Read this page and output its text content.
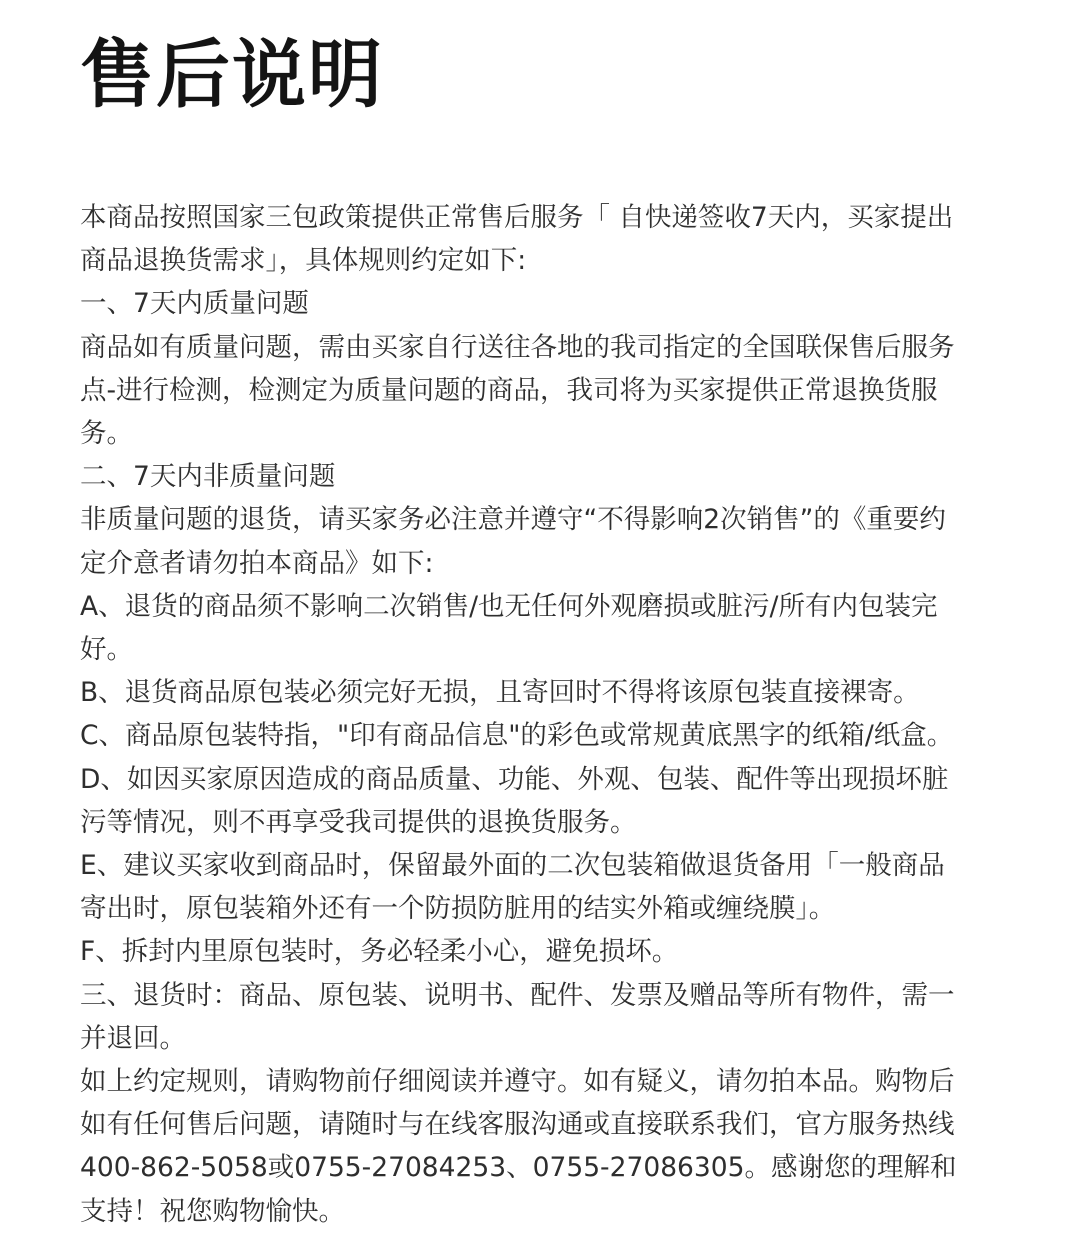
售后说明

本商品按照国家三包政策提供正常售后服务「 自快递签收7天内，买家提出商品退换货需求」，具体规则约定如下:

一、7天内质量问题

商品如有质量问题，需由买家自行送往各地的我司指定的全国联保售后服务点-进行检测，检测定为质量问题的商品，我司将为买家提供正常退换货服务。

二、7天内非质量问题

非质量问题的退货，请买家务必注意并遵守“不得影响2次销售”的《重要约定介意者请勿拍本商品》如下:

A、退货的商品须不影响二次销售/也无任何外观磨损或脏污/所有内包装完好。

B、退货商品原包装必须完好无损，且寄回时不得将该原包装直接裸寄。

C、商品原包装特指，"印有商品信息"的彩色或常规黄底黑字的纸箱/纸盒。

D、如因买家原因造成的商品质量、功能、外观、包装、配件等出现损坏脏污等情况，则不再享受我司提供的退换货服务。

E、建议买家收到商品时，保留最外面的二次包装箱做退货备用「一般商品寄出时，原包装箱外还有一个防损防脏用的结实外箱或缠绕膜」。

F、拆封内里原包装时，务必轻柔小心，避免损坏。

三、退货时：商品、原包装、说明书、配件、发票及赠品等所有物件，需一并退回。

如上约定规则，请购物前仔细阅读并遵守。如有疑义，请勿拍本品。购物后如有任何售后问题，请随时与在线客服沟通或直接联系我们，官方服务热线400-862-5058或0755-27084253、0755-27086305。感谢您的理解和支持！祝您购物愉快。
